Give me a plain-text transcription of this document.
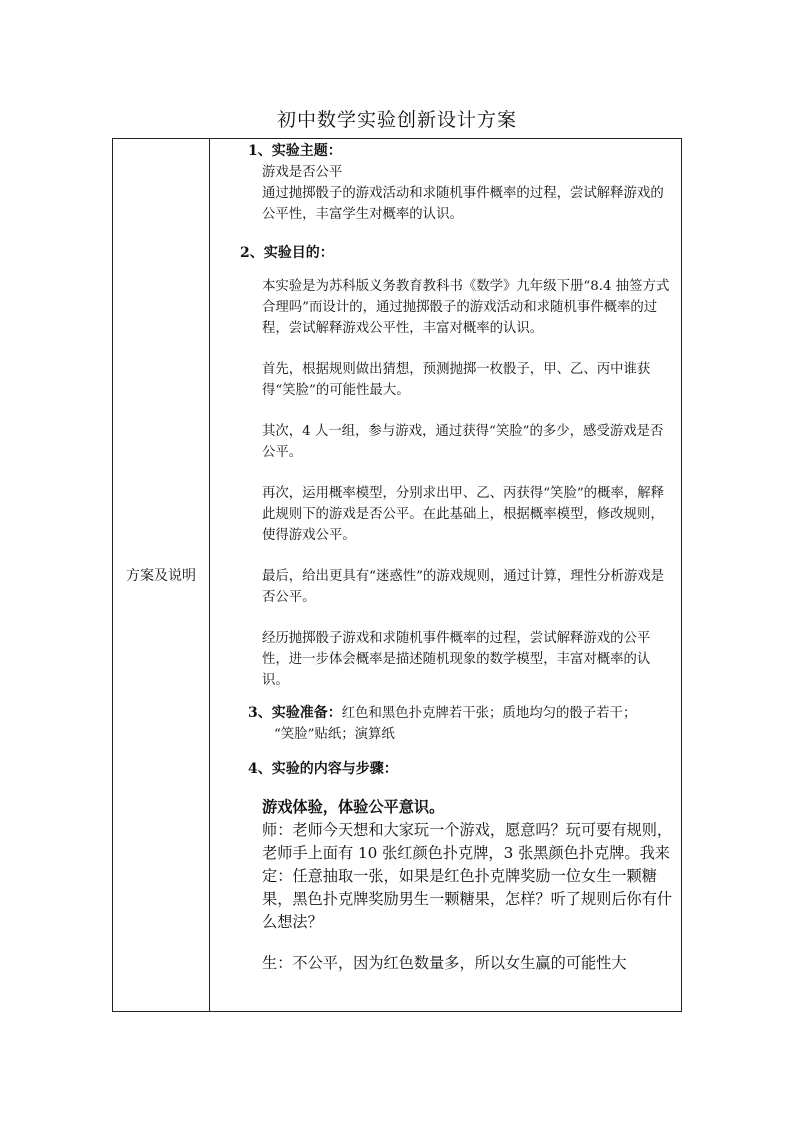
初中数学实验创新设计方案
方案及说明	
1、实验主题：
游戏是否公平
通过抛掷骰子的游戏活动和求随机事件概率的过程，尝试解释游戏的公平性，丰富学生对概率的认识。
2、实验目的：
本实验是为苏科版义务教育教科书《数学》九年级下册“8.4 抽签方式合理吗”而设计的，通过抛掷骰子的游戏活动和求随机事件概率的过程，尝试解释游戏公平性，丰富对概率的认识。
首先，根据规则做出猜想，预测抛掷一枚骰子，甲、乙、丙中谁获得“笑脸”的可能性最大。
其次，4 人一组，参与游戏，通过获得“笑脸”的多少，感受游戏是否公平。
再次，运用概率模型，分别求出甲、乙、丙获得“笑脸”的概率，解释此规则下的游戏是否公平。在此基础上，根据概率模型，修改规则，使得游戏公平。
最后，给出更具有“迷惑性”的游戏规则，通过计算，理性分析游戏是否公平。
经历抛掷骰子游戏和求随机事件概率的过程，尝试解释游戏的公平性，进一步体会概率是描述随机现象的数学模型，丰富对概率的认识。
3、实验准备：红色和黑色扑克牌若干张；质地均匀的骰子若干；
“笑脸”贴纸；演算纸
4、实验的内容与步骤：
游戏体验，体验公平意识。
师：老师今天想和大家玩一个游戏，愿意吗？玩可要有规则，老师手上面有 10 张红颜色扑克牌，3 张黑颜色扑克牌。我来定：任意抽取一张，如果是红色扑克牌奖励一位女生一颗糖果，黑色扑克牌奖励男生一颗糖果，怎样？听了规则后你有什么想法？
生：不公平，因为红色数量多，所以女生赢的可能性大
